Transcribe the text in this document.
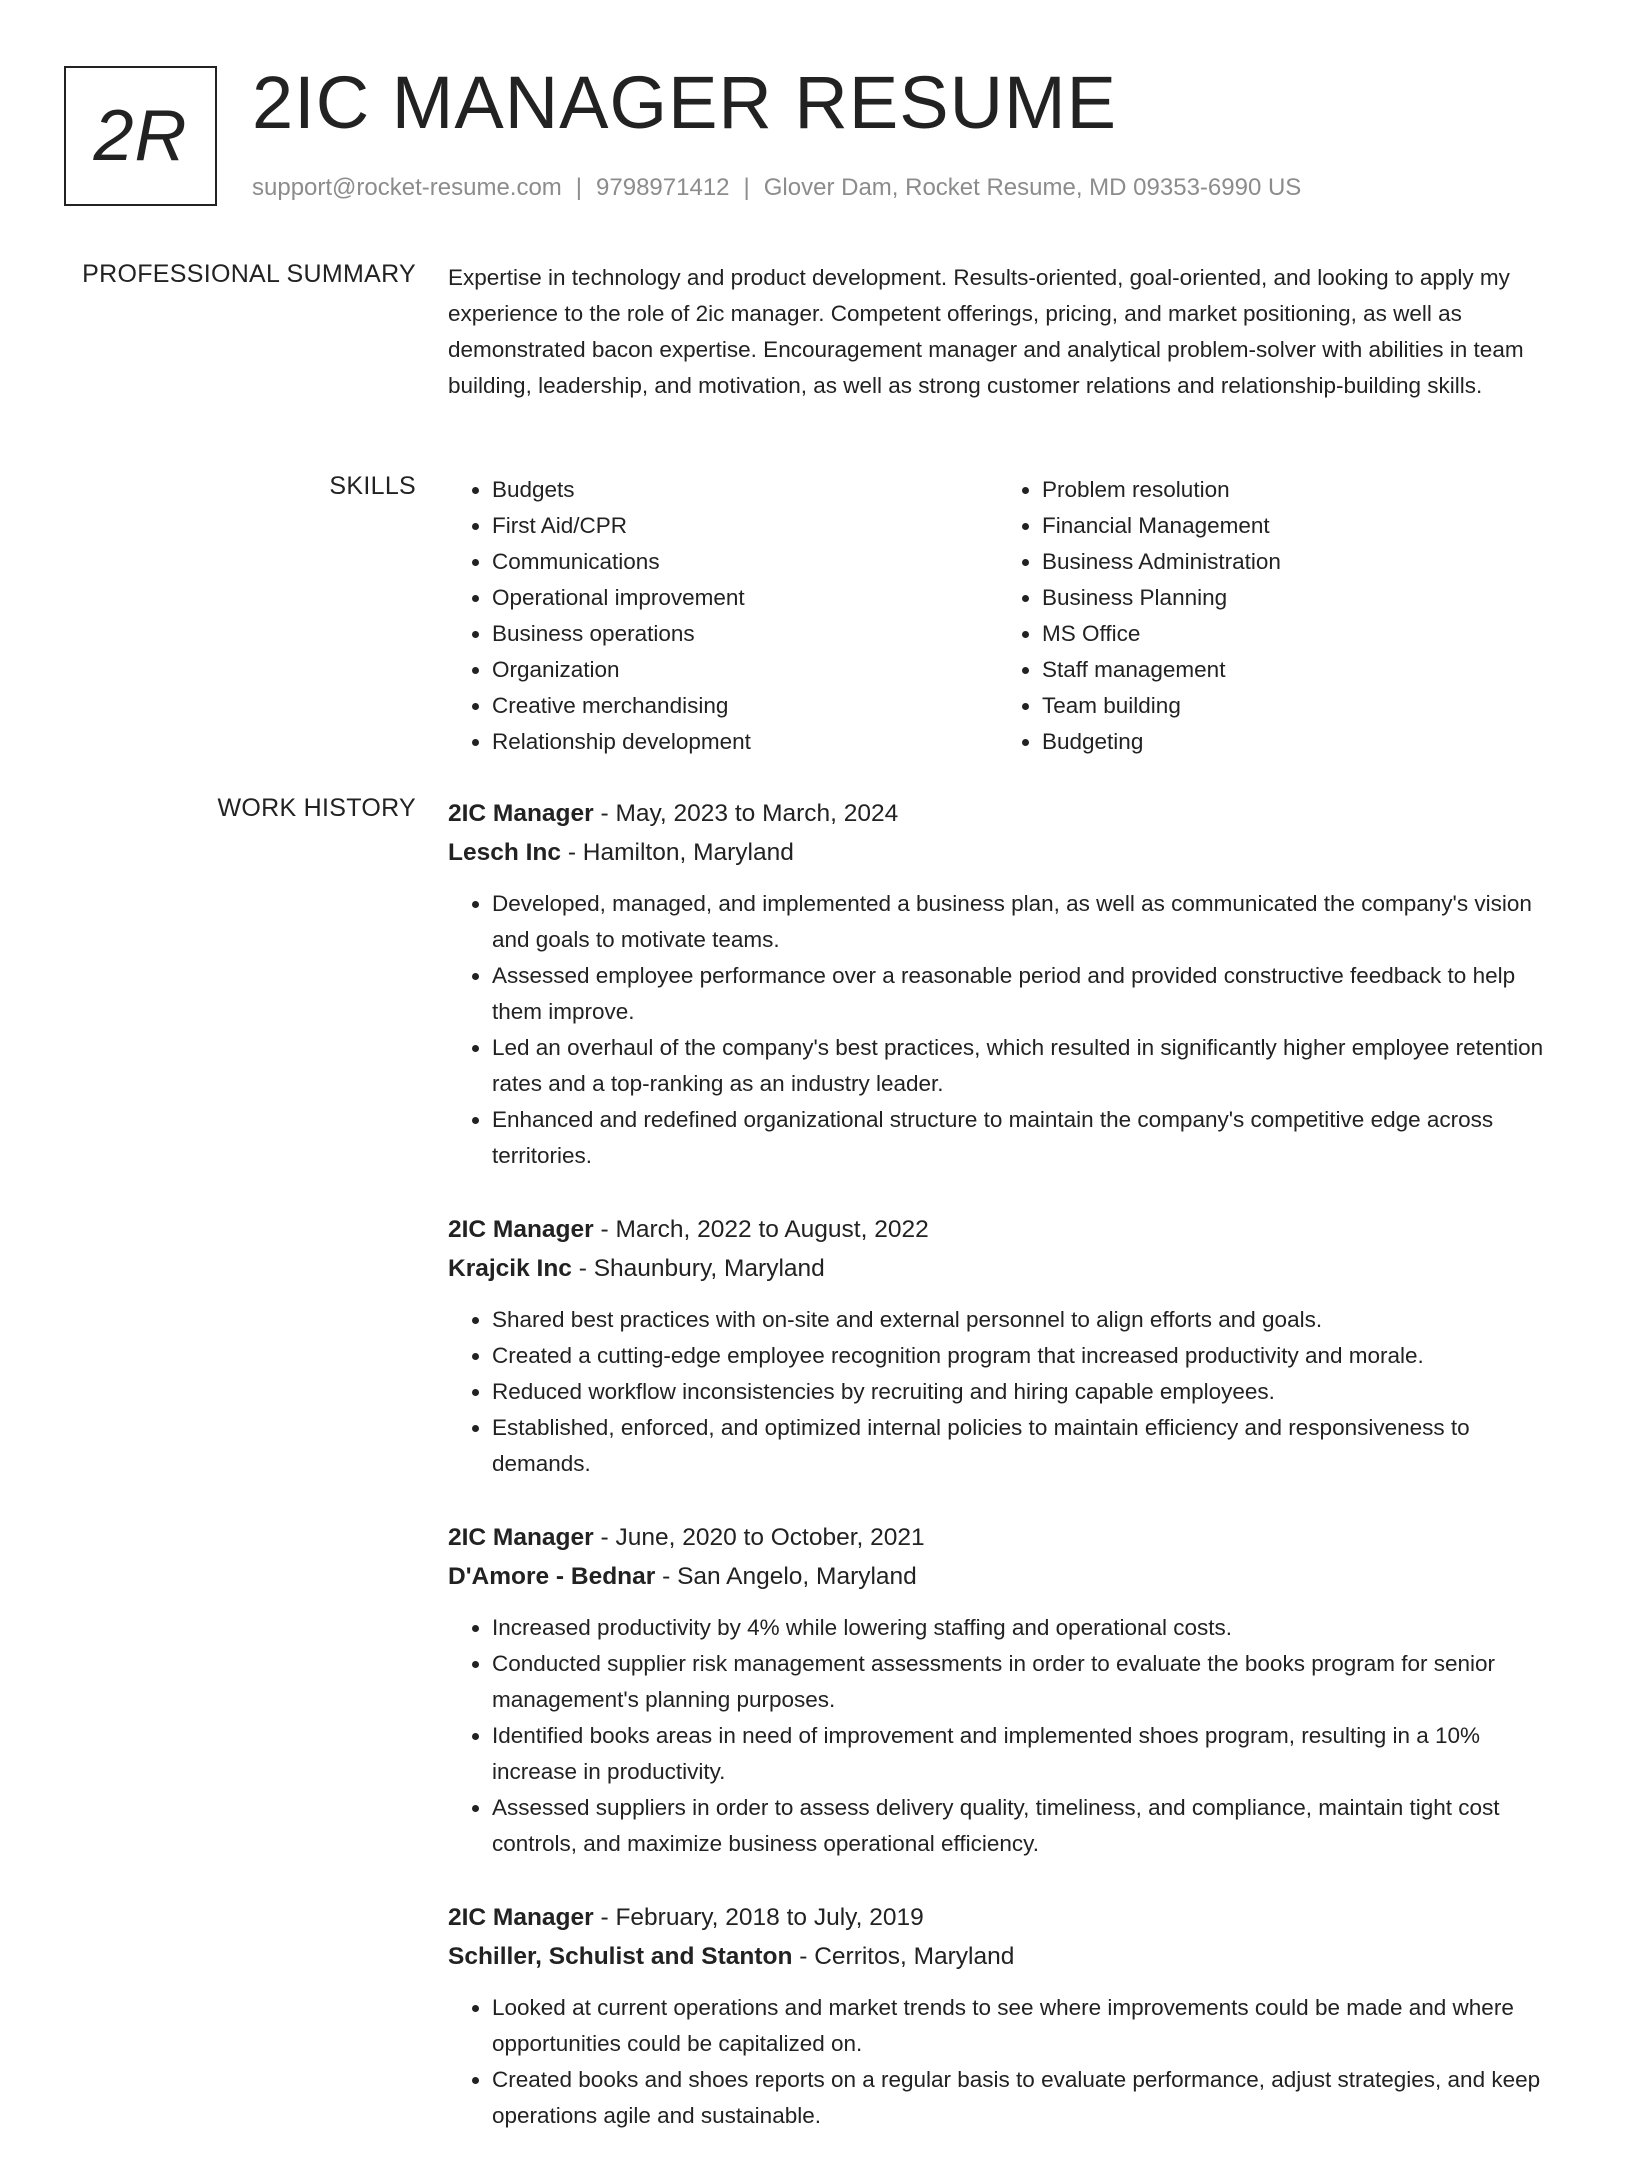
2R 2IC MANAGER RESUME
support@rocket-resume.com | 9798971412 | Glover Dam, Rocket Resume, MD 09353-6990 US
PROFESSIONAL SUMMARY Expertise in technology and product development. Results-oriented, goal-oriented, and looking to apply my experience to the role of 2ic manager. Competent offerings, pricing, and market positioning, as well as demonstrated bacon expertise. Encouragement manager and analytical problem-solver with abilities in team building, leadership, and motivation, as well as strong customer relations and relationship-building skills.

SKILLS
•	Budgets
• First Aid/CPR
• Communications
• Operational improvement
• Business operations
• Organization
• Creative merchandising
• Relationship development
• Problem resolution
• Financial Management
• Business Administration
• Business Planning
• MS Office
• Staff management
• Team building
• Budgeting
WORK HISTORY 2IC Manager - May, 2023 to March, 2024
Lesch Inc - Hamilton, Maryland
• Developed, managed, and implemented a business plan, as well as communicated the company's vision and goals to motivate teams.
• Assessed employee performance over a reasonable period and provided constructive feedback to help them improve.
• Led an overhaul of the company's best practices, which resulted in significantly higher employee retention rates and a top-ranking as an industry leader.
• Enhanced and redefined organizational structure to maintain the company's competitive edge across territories.
2IC Manager - March, 2022 to August, 2022
Krajcik Inc - Shaunbury, Maryland
• Shared best practices with on-site and external personnel to align efforts and goals.
• Created a cutting-edge employee recognition program that increased productivity and morale.
• Reduced workflow inconsistencies by recruiting and hiring capable employees.
• Established, enforced, and optimized internal policies to maintain efficiency and responsiveness to demands.
2IC Manager - June, 2020 to October, 2021
D'Amore - Bednar - San Angelo, Maryland
• Increased productivity by 4% while lowering staffing and operational costs.
• Conducted supplier risk management assessments in order to evaluate the books program for senior management's planning purposes.
• Identified books areas in need of improvement and implemented shoes program, resulting in a 10% increase in productivity.
• Assessed suppliers in order to assess delivery quality, timeliness, and compliance, maintain tight cost controls, and maximize business operational efficiency.
2IC Manager - February, 2018 to July, 2019
Schiller, Schulist and Stanton - Cerritos, Maryland
• Looked at current operations and market trends to see where improvements could be made and where opportunities could be capitalized on.
• Created books and shoes reports on a regular basis to evaluate performance, adjust strategies, and keep operations agile and sustainable.
